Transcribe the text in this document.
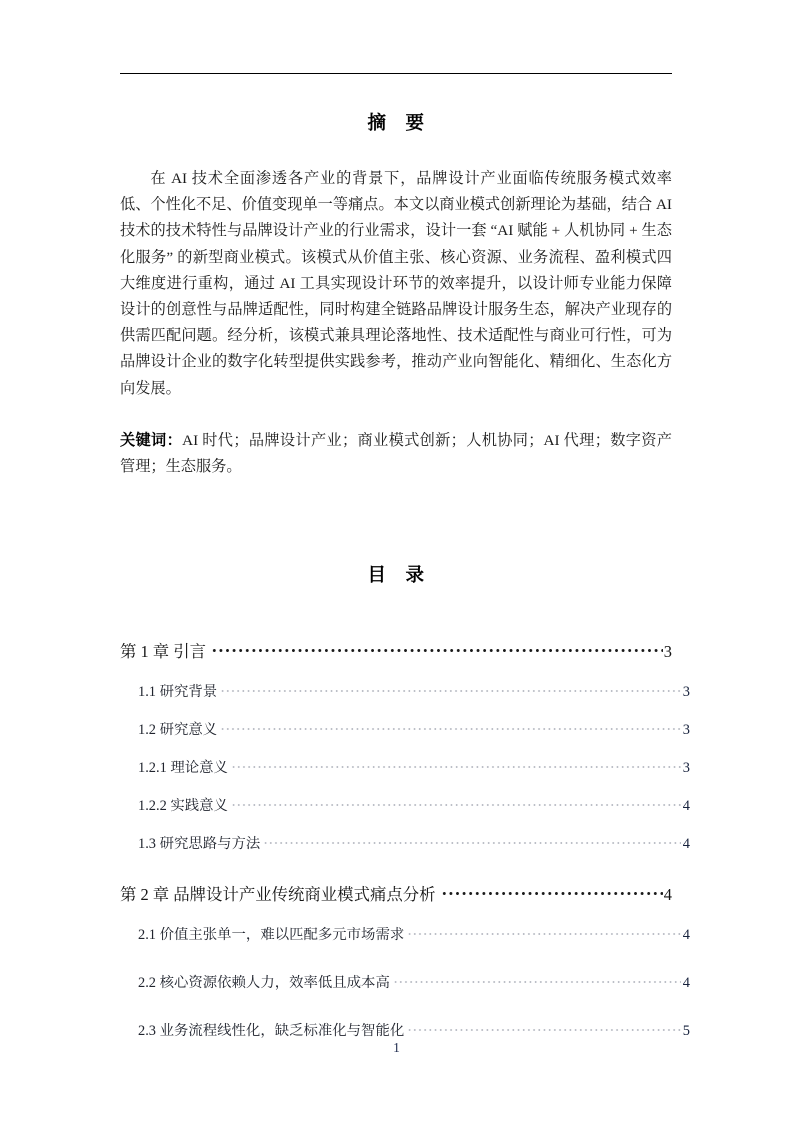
摘　要

在 AI 技术全面渗透各产业的背景下，品牌设计产业面临传统服务模式效率低、个性化不足、价值变现单一等痛点。本文以商业模式创新理论为基础，结合 AI 技术的技术特性与品牌设计产业的行业需求，设计一套 “AI 赋能 + 人机协同 + 生态化服务” 的新型商业模式。该模式从价值主张、核心资源、业务流程、盈利模式四大维度进行重构，通过 AI 工具实现设计环节的效率提升，以设计师专业能力保障设计的创意性与品牌适配性，同时构建全链路品牌设计服务生态，解决产业现存的供需匹配问题。经分析，该模式兼具理论落地性、技术适配性与商业可行性，可为品牌设计企业的数字化转型提供实践参考，推动产业向智能化、精细化、生态化方向发展。

关键词：AI 时代；品牌设计产业；商业模式创新；人机协同；AI 代理；数字资产管理；生态服务。

目　录
第 1 章 引言	3
1.1 研究背景	3
1.2 研究意义	3
1.2.1 理论意义	3
1.2.2 实践意义	4
1.3 研究思路与方法	4
第 2 章 品牌设计产业传统商业模式痛点分析	4
2.1 价值主张单一，难以匹配多元市场需求	4
2.2 核心资源依赖人力，效率低且成本高	4
2.3 业务流程线性化，缺乏标准化与智能化	5
1
